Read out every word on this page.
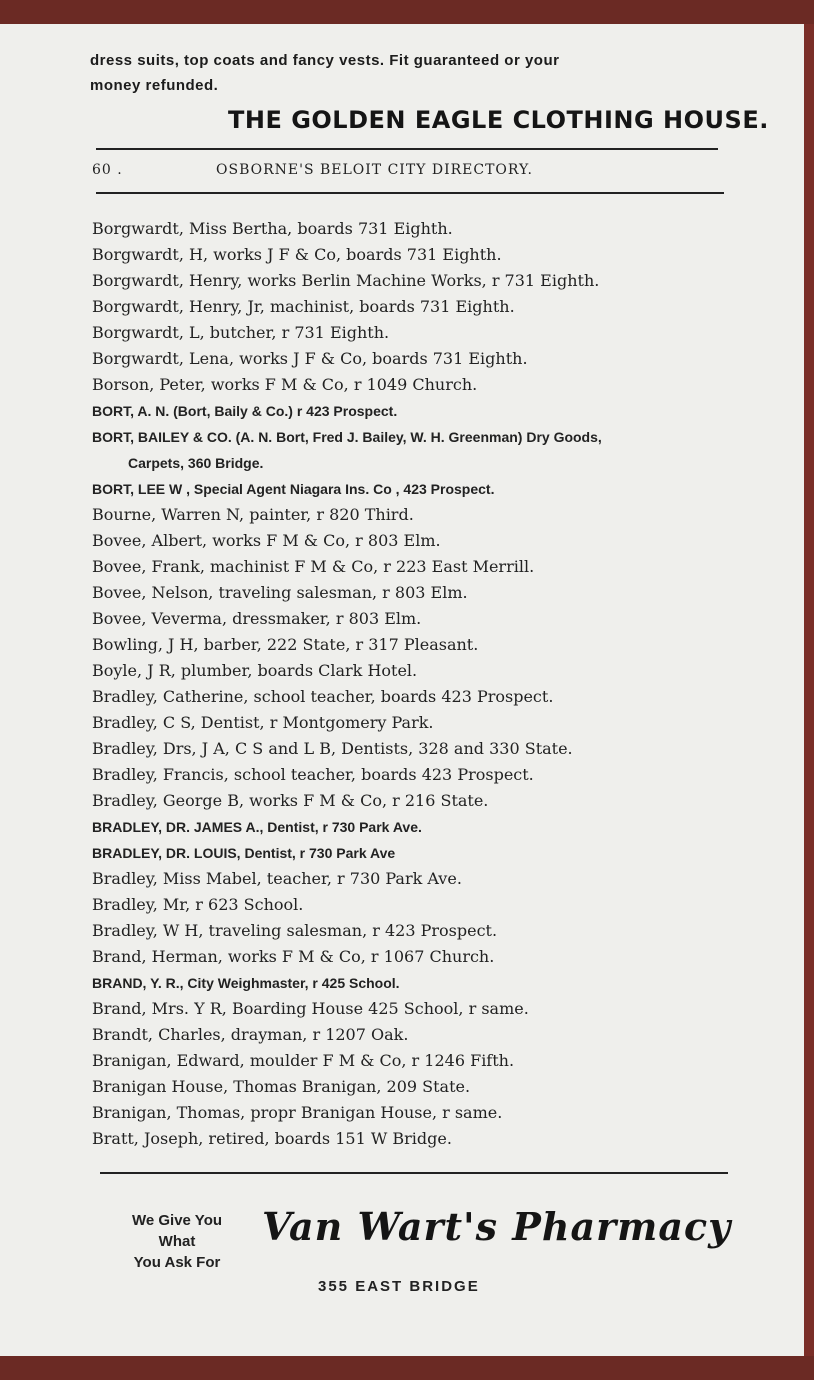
dress suits, top coats and fancy vests. Fit guaranteed or your
money refunded.
THE GOLDEN EAGLE CLOTHING HOUSE.
60 .	OSBORNE'S BELOIT CITY DIRECTORY.
Borgwardt, Miss Bertha, boards 731 Eighth.
Borgwardt, H, works J F & Co, boards 731 Eighth.
Borgwardt, Henry, works Berlin Machine Works, r 731 Eighth.
Borgwardt, Henry, Jr, machinist, boards 731 Eighth.
Borgwardt, L, butcher, r 731 Eighth.
Borgwardt, Lena, works J F & Co, boards 731 Eighth.
Borson, Peter, works F M & Co, r 1049 Church.
BORT, A. N. (Bort, Baily & Co.) r 423 Prospect.
BORT, BAILEY & CO. (A. N. Bort, Fred J. Bailey, W. H. Greenman) Dry Goods,
Carpets, 360 Bridge.
BORT, LEE W , Special Agent Niagara Ins. Co , 423 Prospect.
Bourne, Warren N, painter, r 820 Third.
Bovee, Albert, works F M & Co, r 803 Elm.
Bovee, Frank, machinist F M & Co, r 223 East Merrill.
Bovee, Nelson, traveling salesman, r 803 Elm.
Bovee, Veverma, dressmaker, r 803 Elm.
Bowling, J H, barber, 222 State, r 317 Pleasant.
Boyle, J R, plumber, boards Clark Hotel.
Bradley, Catherine, school teacher, boards 423 Prospect.
Bradley, C S, Dentist, r Montgomery Park.
Bradley, Drs, J A, C S and L B, Dentists, 328 and 330 State.
Bradley, Francis, school teacher, boards 423 Prospect.
Bradley, George B, works F M & Co, r 216 State.
BRADLEY, DR. JAMES A., Dentist, r 730 Park Ave.
BRADLEY, DR. LOUIS, Dentist, r 730 Park Ave
Bradley, Miss Mabel, teacher, r 730 Park Ave.
Bradley, Mr, r 623 School.
Bradley, W H, traveling salesman, r 423 Prospect.
Brand, Herman, works F M & Co, r 1067 Church.
BRAND, Y. R., City Weighmaster, r 425 School.
Brand, Mrs. Y R, Boarding House 425 School, r same.
Brandt, Charles, drayman, r 1207 Oak.
Branigan, Edward, moulder F M & Co, r 1246 Fifth.
Branigan House, Thomas Branigan, 209 State.
Branigan, Thomas, propr Branigan House, r same.
Bratt, Joseph, retired, boards 151 W Bridge.
We Give You
What
You Ask For
Van Wart's Pharmacy
355 EAST BRIDGE
